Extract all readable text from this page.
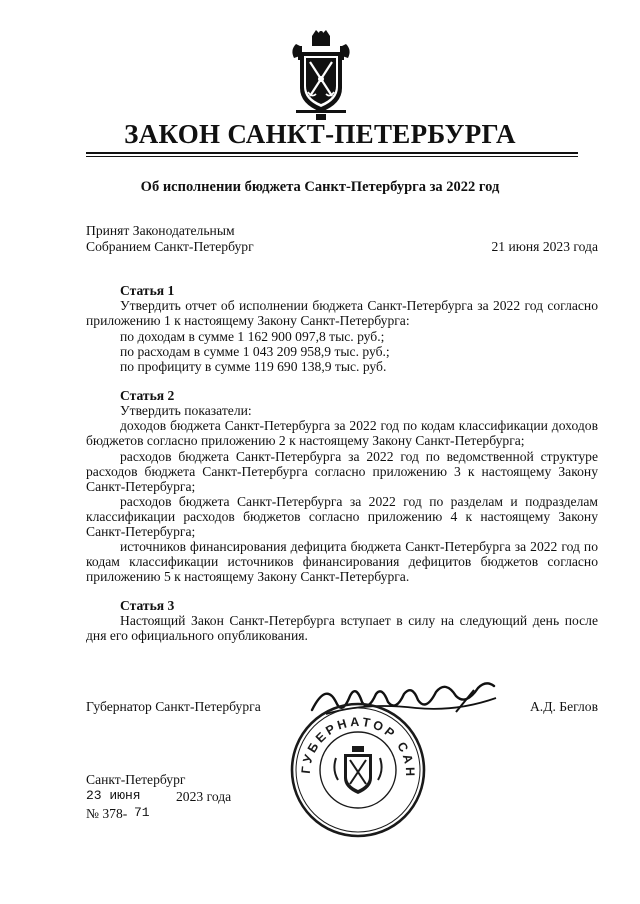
ЗАКОН САНКТ-ПЕТЕРБУРГА
Об исполнении бюджета Санкт-Петербурга за 2022 год
Принят Законодательным
Собранием Санкт-Петербург	21 июня 2023 года
Статья 1
Утвердить отчет об исполнении бюджета Санкт-Петербурга за 2022 год согласно приложению 1 к настоящему Закону Санкт-Петербурга:
по доходам в сумме 1 162 900 097,8 тыс. руб.;
по расходам в сумме 1 043 209 958,9 тыс. руб.;
по профициту в сумме 119 690 138,9 тыс. руб.
Статья 2
Утвердить показатели:
доходов бюджета Санкт-Петербурга за 2022 год по кодам классификации доходов бюджетов согласно приложению 2 к настоящему Закону Санкт-Петербурга;
расходов бюджета Санкт-Петербурга за 2022 год по ведомственной структуре расходов бюджета Санкт-Петербурга согласно приложению 3 к настоящему Закону Санкт-Петербурга;
расходов бюджета Санкт-Петербурга за 2022 год по разделам и подразделам классификации расходов бюджетов согласно приложению 4 к настоящему Закону Санкт-Петербурга;
источников финансирования дефицита бюджета Санкт-Петербурга за 2022 год по кодам классификации источников финансирования дефицитов бюджетов согласно приложению 5 к настоящему Закону Санкт-Петербурга.
Статья 3
Настоящий Закон Санкт-Петербурга вступает в силу на следующий день после дня его официального опубликования.
Губернатор Санкт-Петербурга	А.Д. Беглов
ГУБЕРНАТОР САН
Санкт-Петербург
23 июня	2023 года
№ 378- 71
